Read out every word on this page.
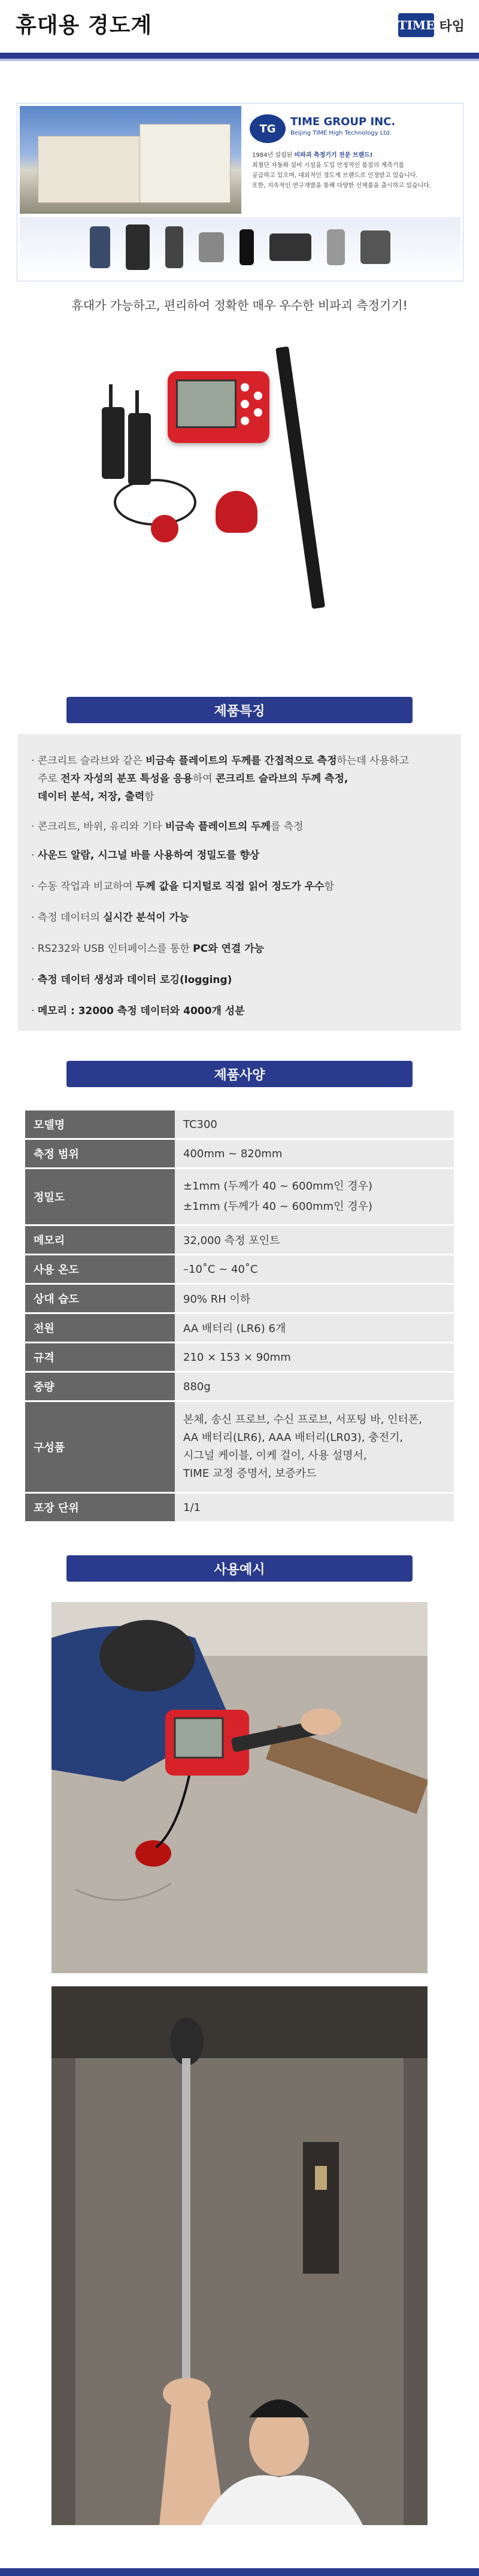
휴대용 경도계	TIME 타임
TG
TIME GROUP INC.
Beijing TIME High Technology Ltd.
1984년 설립된 비파괴 측정기기 전문 브랜드!
최첨단 자동화 설비 시설을 도입 안정적인 품질의 계측기를
공급하고 있으며, 대외적인 경도계 브랜드로 인정받고 있습니다.
또한, 지속적인 연구개발을 통해 다양한 신제품을 출시하고 있습니다.
휴대가 가능하고, 편리하여 정확한 매우 우수한 비파괴 측정기기!
제품특징
· 콘크리트 슬라브와 같은 비금속 플레이트의 두께를 간접적으로 측정하는데 사용하고
주로 전자 자성의 분포 특성을 응용하여 콘크리트 슬라브의 두께 측정,
데이터 분석, 저장, 출력함
· 콘크리트, 바위, 유리와 기타 비금속 플레이트의 두께를 측정
· 사운드 알람, 시그널 바를 사용하여 정밀도를 향상
· 수동 작업과 비교하여 두께 값을 디지털로 직접 읽어 정도가 우수함
· 측정 데이터의 실시간 분석이 가능
· RS232와 USB 인터페이스를 통한 PC와 연결 가능
· 측정 데이터 생성과 데이터 로깅(logging)
· 메모리 : 32000 측정 데이터와 4000개 성분
제품사양
모델명	TC300
측정 범위	400mm ~ 820mm
정밀도	±1mm (두께가 40 ~ 600mm인 경우)
±1mm (두께가 40 ~ 600mm인 경우)

메모리	32,000 측정 포인트
사용 온도	–10˚C ~ 40˚C
상대 습도	90% RH 이하
전원	AA 배터리 (LR6) 6개
규격	210 × 153 × 90mm
중량	880g
구성품	본체, 송신 프로브, 수신 프로브, 서포팅 바, 인터폰,
AA 배터리(LR6), AAA 배터리(LR03), 충전기,
시그널 케이블, 이케 걸이, 사용 설명서,
TIME 교정 증명서, 보증카드

포장 단위	1/1
사용예시
